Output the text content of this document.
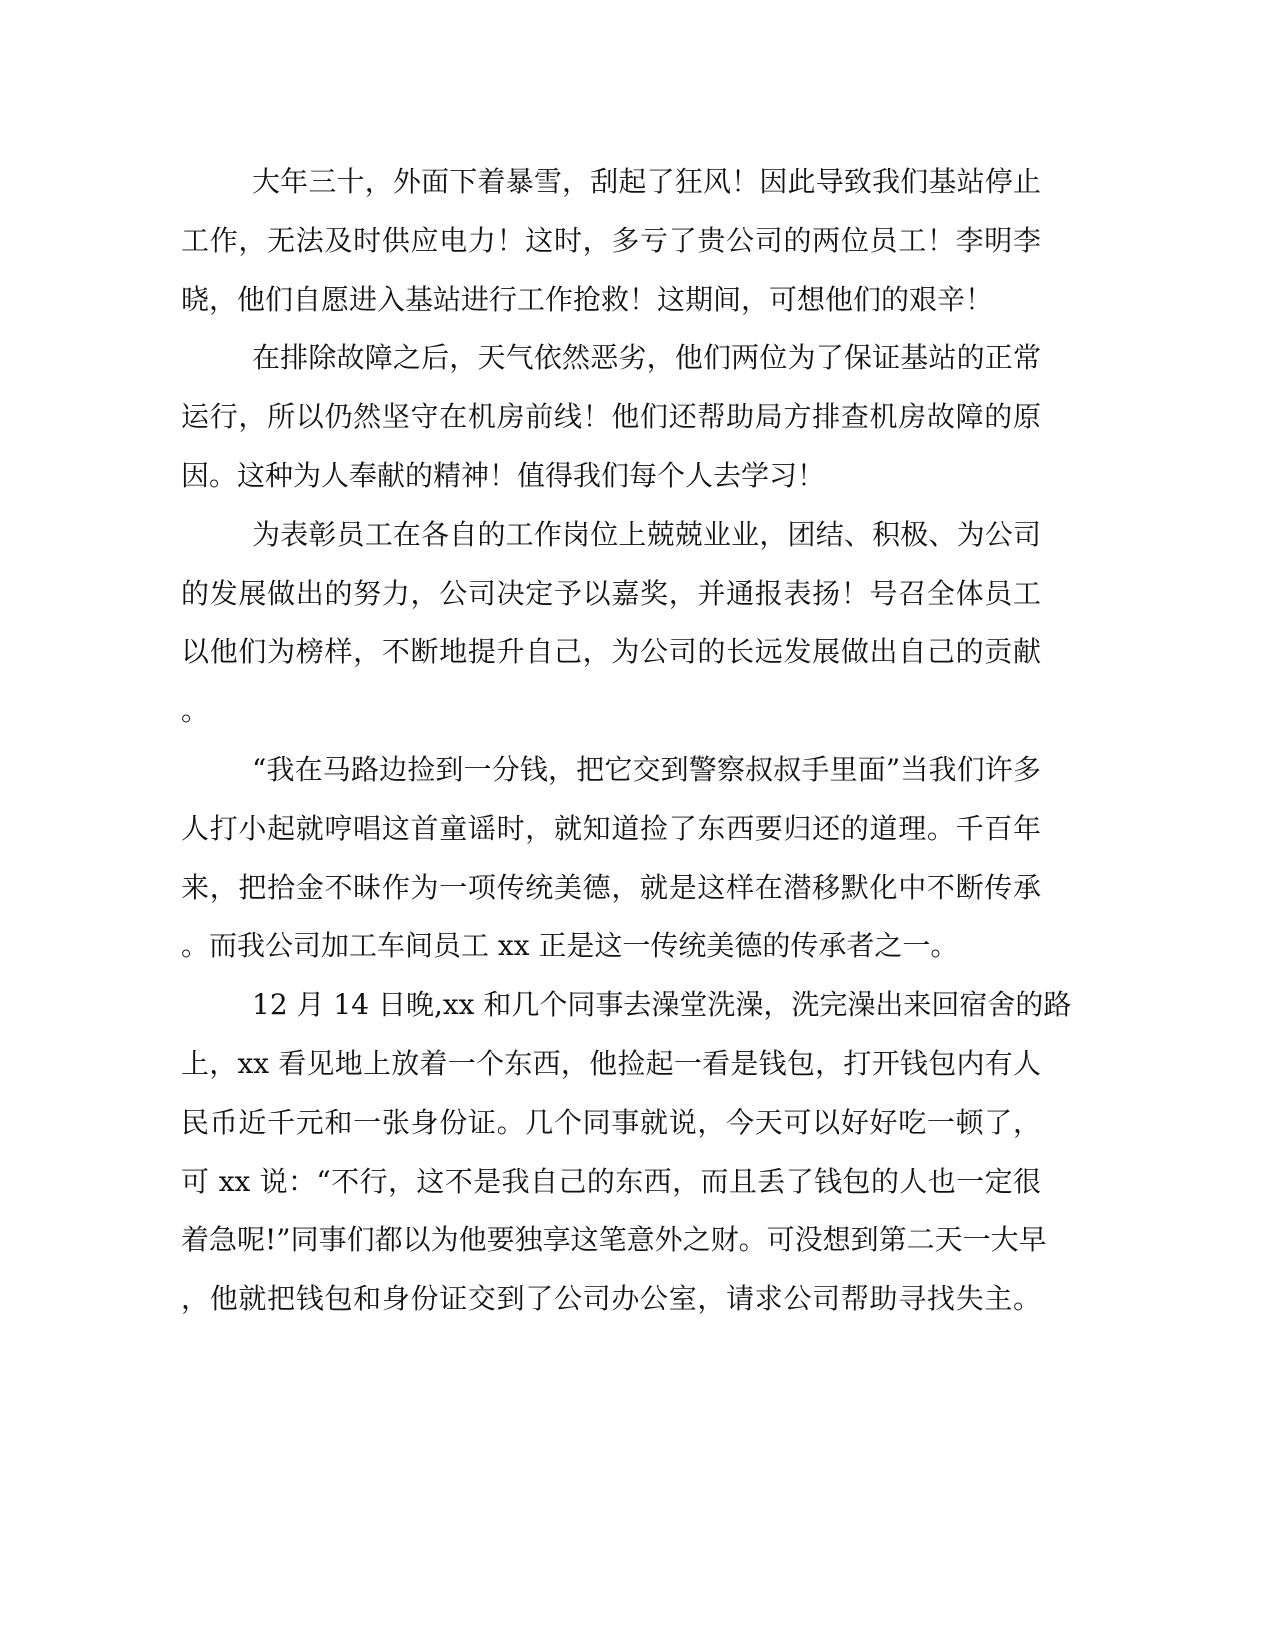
大年三十，外面下着暴雪，刮起了狂风！因此导致我们基站停止
工作，无法及时供应电力！这时，多亏了贵公司的两位员工！李明李
晓，他们自愿进入基站进行工作抢救！这期间，可想他们的艰辛！
在排除故障之后，天气依然恶劣，他们两位为了保证基站的正常
运行，所以仍然坚守在机房前线！他们还帮助局方排查机房故障的原
因。这种为人奉献的精神！值得我们每个人去学习！
为表彰员工在各自的工作岗位上兢兢业业，团结、积极、为公司
的发展做出的努力，公司决定予以嘉奖，并通报表扬！号召全体员工
以他们为榜样，不断地提升自己，为公司的长远发展做出自己的贡献
。
“我在马路边捡到一分钱，把它交到警察叔叔手里面”当我们许多
人打小起就哼唱这首童谣时，就知道捡了东西要归还的道理。千百年
来，把拾金不昧作为一项传统美德，就是这样在潜移默化中不断传承
。而我公司加工车间员工 xx 正是这一传统美德的传承者之一。
12 月 14 日晚,xx 和几个同事去澡堂洗澡，洗完澡出来回宿舍的路
上，xx 看见地上放着一个东西，他捡起一看是钱包，打开钱包内有人
民币近千元和一张身份证。几个同事就说，今天可以好好吃一顿了，
可 xx 说：“不行，这不是我自己的东西，而且丢了钱包的人也一定很
着急呢!”同事们都以为他要独享这笔意外之财。可没想到第二天一大早
，他就把钱包和身份证交到了公司办公室，请求公司帮助寻找失主。
